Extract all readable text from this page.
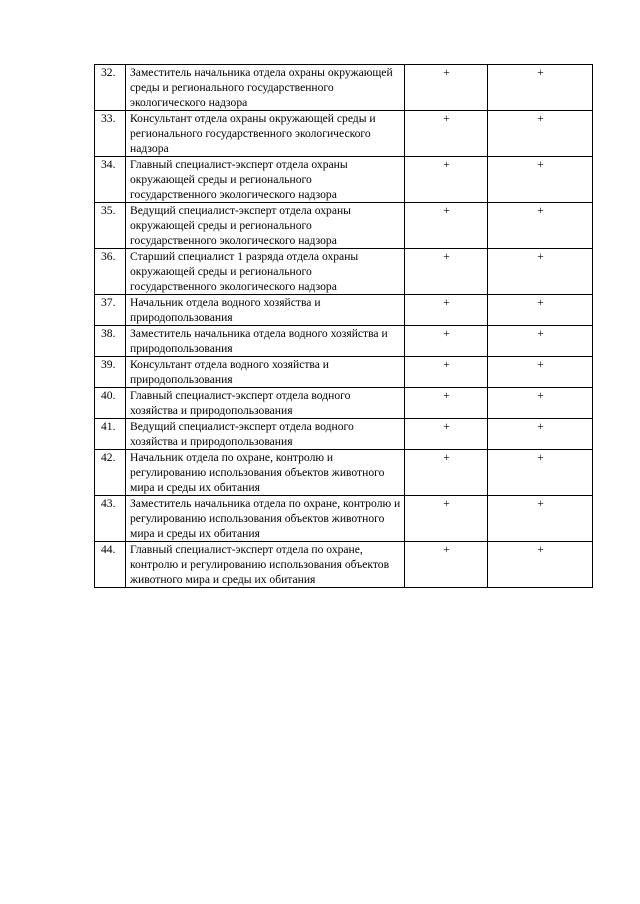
32.	Заместитель начальника отдела охраны окружающей среды и регионального государственного экологического надзора	+	+
33.	Консультант отдела охраны окружающей среды и регионального государственного экологического надзора	+	+
34.	Главный специалист-эксперт отдела охраны окружающей среды и регионального государственного экологического надзора	+	+
35.	Ведущий специалист-эксперт отдела охраны окружающей среды и регионального государственного экологического надзора	+	+
36.	Старший специалист 1 разряда отдела охраны окружающей среды и регионального государственного экологического надзора	+	+
37.	Начальник отдела водного хозяйства и природопользования	+	+
38.	Заместитель начальника отдела водного хозяйства и природопользования	+	+
39.	Консультант отдела водного хозяйства и природопользования	+	+
40.	Главный специалист-эксперт отдела водного хозяйства и природопользования	+	+
41.	Ведущий специалист-эксперт отдела водного хозяйства и природопользования	+	+
42.	Начальник отдела по охране, контролю и регулированию использования объектов животного мира и среды их обитания	+	+
43.	Заместитель начальника отдела по охране, контролю и регулированию использования объектов животного мира и среды их обитания	+	+
44.	Главный специалист-эксперт отдела по охране, контролю и регулированию использования объектов животного мира и среды их обитания	+	+
